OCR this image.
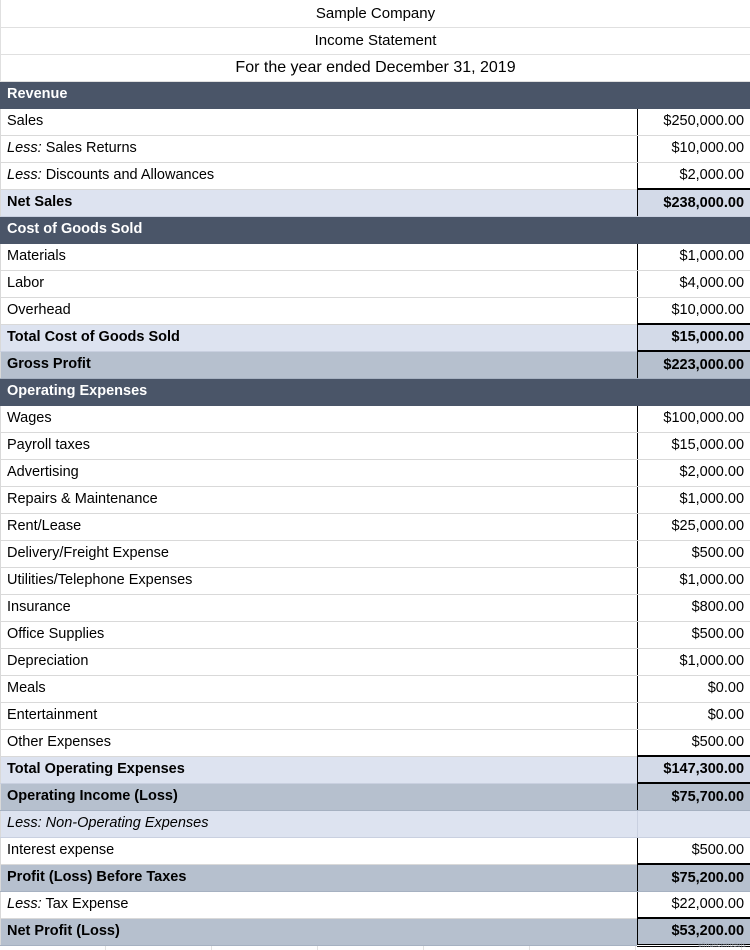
Sample Company	
Income Statement	
For the year ended December 31, 2019	
Revenue	
Sales	$250,000.00
Less: Sales Returns	$10,000.00
Less: Discounts and Allowances	$2,000.00
Net Sales	$238,000.00
Cost of Goods Sold	
Materials	$1,000.00
Labor	$4,000.00
Overhead	$10,000.00
Total Cost of Goods Sold	$15,000.00
Gross Profit	$223,000.00
Operating Expenses	
Wages	$100,000.00
Payroll taxes	$15,000.00
Advertising	$2,000.00
Repairs & Maintenance	$1,000.00
Rent/Lease	$25,000.00
Delivery/Freight Expense	$500.00
Utilities/Telephone Expenses	$1,000.00
Insurance	$800.00
Office Supplies	$500.00
Depreciation	$1,000.00
Meals	$0.00
Entertainment	$0.00
Other Expenses	$500.00
Total Operating Expenses	$147,300.00
Operating Income (Loss)	$75,700.00
Less: Non-Operating Expenses	
Interest expense	$500.00
Profit (Loss) Before Taxes	$75,200.00
Less: Tax Expense	$22,000.00
Net Profit (Loss)	$53,200.00
efinancemodels
